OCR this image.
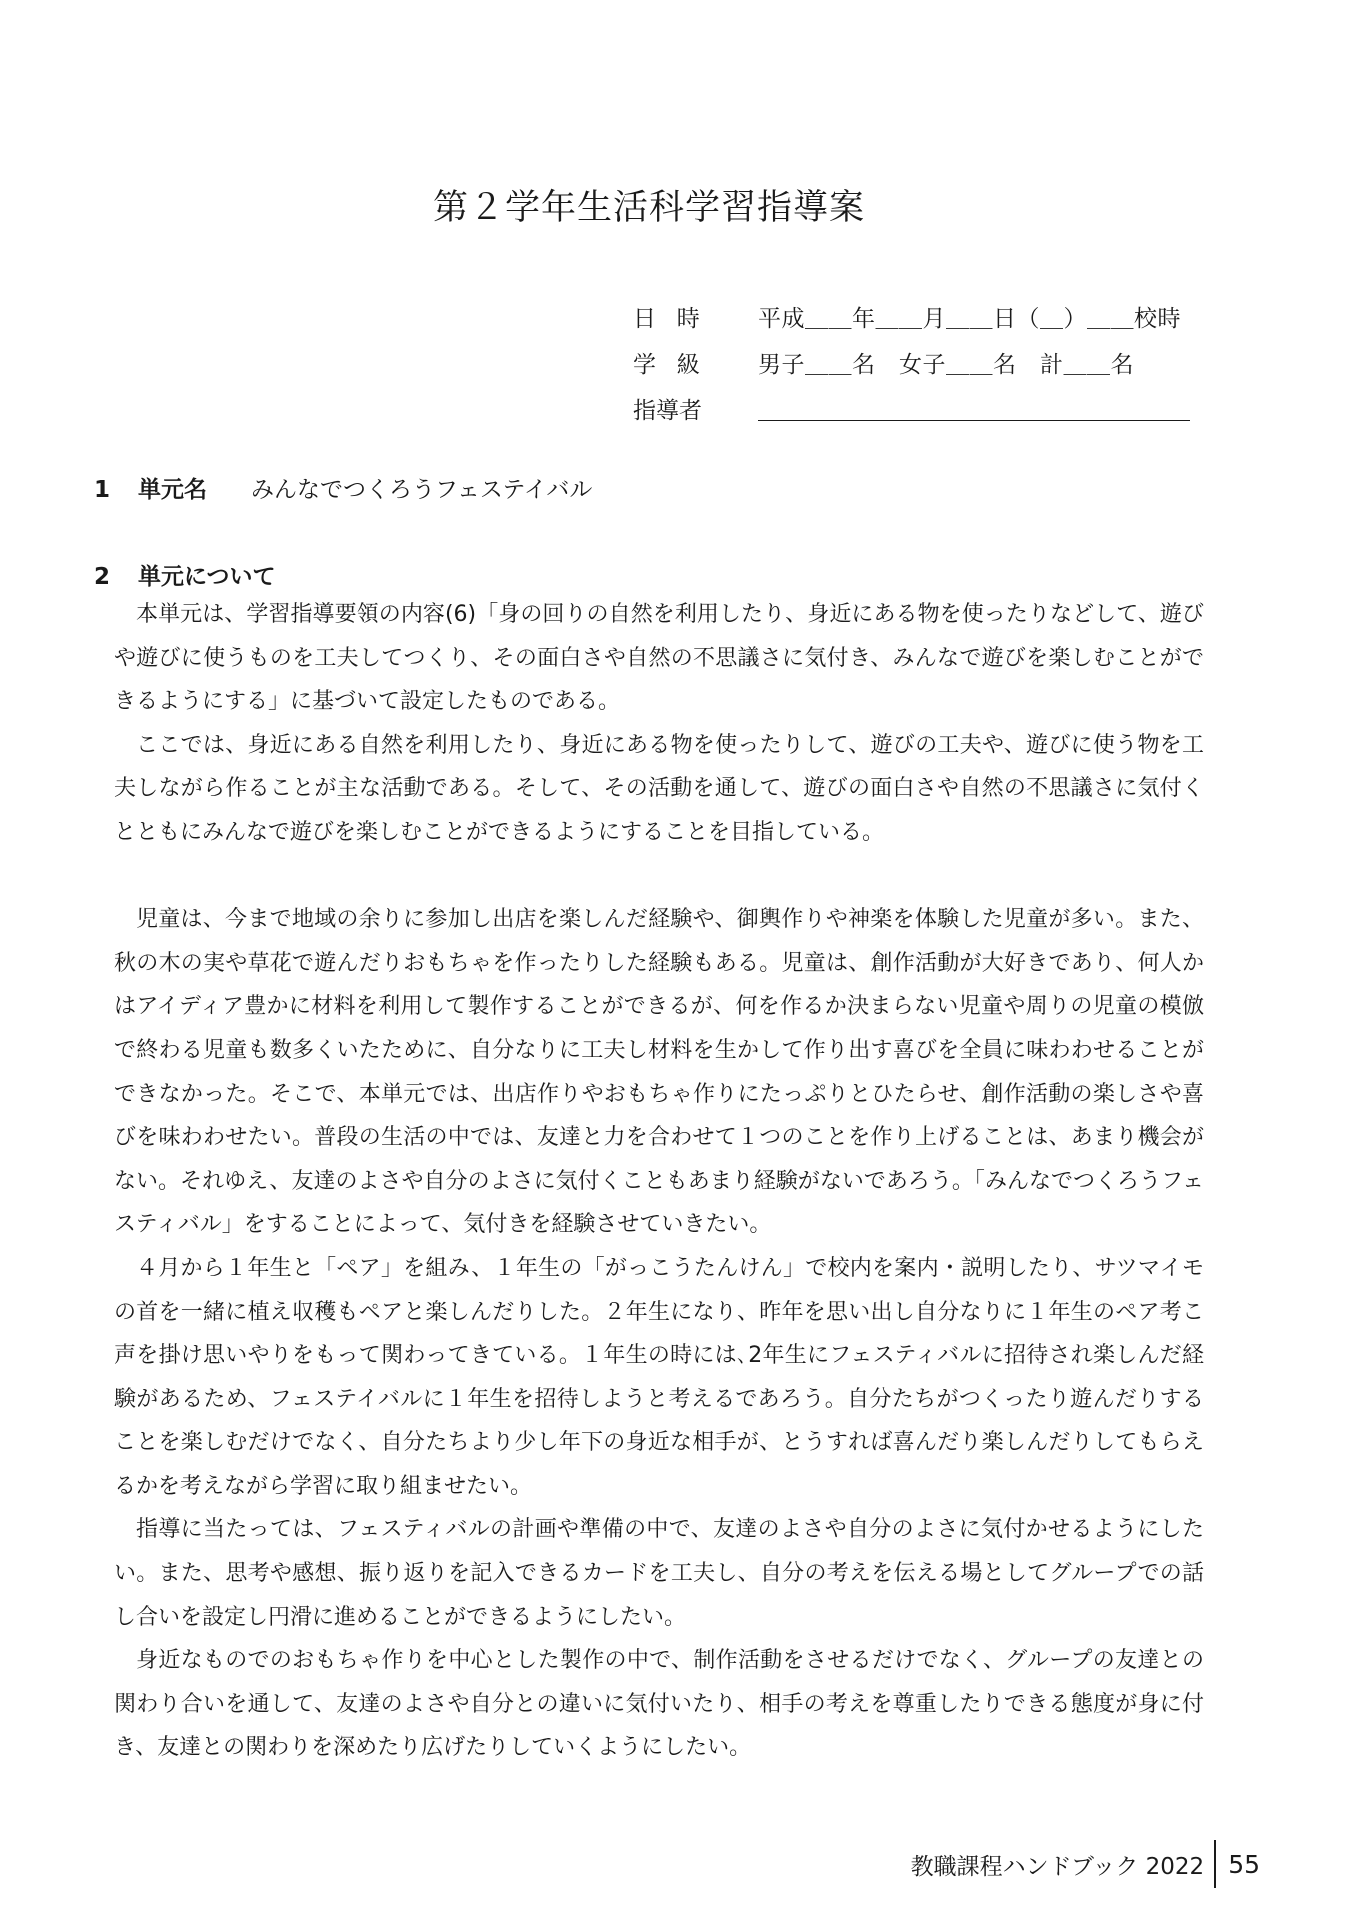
第２学年生活科学習指導案
日時	平成＿＿年＿＿月＿＿日（＿）＿＿校時
学級	男子＿＿名　女子＿＿名　計＿＿名
指導者
1 単元名 みんなでつくろうフェステイバル
2 単元について

本単元は、学習指導要領の内容(6)「身の回りの自然を利用したり、身近にある物を使ったりなどして、遊びや遊びに使うものを工夫してつくり、その面白さや自然の不思議さに気付き、みんなで遊びを楽しむことができるようにする」に基づいて設定したものである。

ここでは、身近にある自然を利用したり、身近にある物を使ったりして、遊びの工夫や、遊びに使う物を工夫しながら作ることが主な活動である。そして、その活動を通して、遊びの面白さや自然の不思議さに気付くとともにみんなで遊びを楽しむことができるようにすることを目指している。

児童は、今まで地域の余りに参加し出店を楽しんだ経験や、御輿作りや神楽を体験した児童が多い。また、秋の木の実や草花で遊んだりおもちゃを作ったりした経験もある。児童は、創作活動が大好きであり、何人かはアイディア豊かに材料を利用して製作することができるが、何を作るか決まらない児童や周りの児童の模倣で終わる児童も数多くいたために、自分なりに工夫し材料を生かして作り出す喜びを全員に味わわせることができなかった。そこで、本単元では、出店作りやおもちゃ作りにたっぷりとひたらせ、創作活動の楽しさや喜びを味わわせたい。普段の生活の中では、友達と力を合わせて１つのことを作り上げることは、あまり機会がない。それゆえ、友達のよさや自分のよさに気付くこともあまり経験がないであろう。「みんなでつくろうフェスティバル」をすることによって、気付きを経験させていきたい。

４月から１年生と「ペア」を組み、１年生の「がっこうたんけん」で校内を案内・説明したり、サツマイモの首を一緒に植え収穫もペアと楽しんだりした。２年生になり、昨年を思い出し自分なりに１年生のペア考こ声を掛け思いやりをもって関わってきている。１年生の時には､2年生にフェスティバルに招待され楽しんだ経験があるため、フェステイバルに１年生を招待しようと考えるであろう。自分たちがつくったり遊んだりすることを楽しむだけでなく、自分たちより少し年下の身近な相手が、とうすれば喜んだり楽しんだりしてもらえるかを考えながら学習に取り組ませたい。

指導に当たっては、フェスティバルの計画や準備の中で、友達のよさや自分のよさに気付かせるようにしたい。また、思考や感想、振り返りを記入できるカードを工夫し、自分の考えを伝える場としてグループでの話し合いを設定し円滑に進めることができるようにしたい。

身近なものでのおもちゃ作りを中心とした製作の中で、制作活動をさせるだけでなく、グループの友達との関わり合いを通して、友達のよさや自分との違いに気付いたり、相手の考えを尊重したりできる態度が身に付き、友達との関わりを深めたり広げたりしていくようにしたい。

教職課程ハンドブック 2022 55
